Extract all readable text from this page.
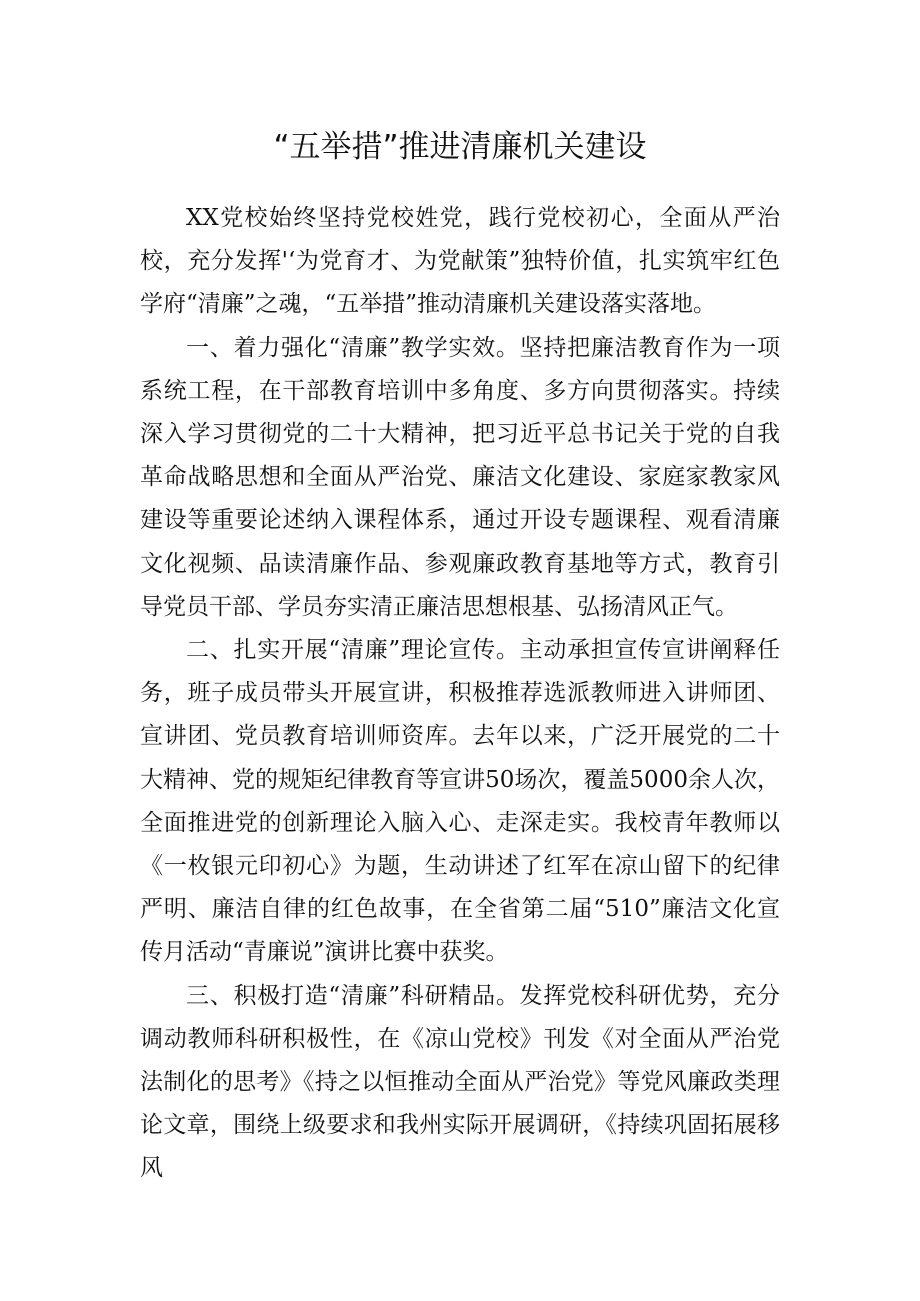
“五举措”推进清廉机关建设

XX党校始终坚持党校姓党，践行党校初心，全面从严治校，充分发挥'‘为党育才、为党献策”独特价值，扎实筑牢红色学府“清廉”之魂，“五举措”推动清廉机关建设落实落地。

一、着力强化“清廉”教学实效。坚持把廉洁教育作为一项系统工程，在干部教育培训中多角度、多方向贯彻落实。持续深入学习贯彻党的二十大精神，把习近平总书记关于党的自我革命战略思想和全面从严治党、廉洁文化建设、家庭家教家风建设等重要论述纳入课程体系，通过开设专题课程、观看清廉文化视频、品读清廉作品、参观廉政教育基地等方式，教育引导党员干部、学员夯实清正廉洁思想根基、弘扬清风正气。

二、扎实开展“清廉”理论宣传。主动承担宣传宣讲阐释任务，班子成员带头开展宣讲，积极推荐选派教师进入讲师团、宣讲团、党员教育培训师资库。去年以来，广泛开展党的二十大精神、党的规矩纪律教育等宣讲50场次，覆盖5000余人次，全面推进党的创新理论入脑入心、走深走实。我校青年教师以《一枚银元印初心》为题，生动讲述了红军在凉山留下的纪律严明、廉洁自律的红色故事，在全省第二届“510”廉洁文化宣传月活动“青廉说”演讲比赛中获奖。

三、积极打造“清廉”科研精品。发挥党校科研优势，充分调动教师科研积极性，在《凉山党校》刊发《对全面从严治党法制化的思考》《持之以恒推动全面从严治党》等党风廉政类理论文章，围绕上级要求和我州实际开展调研，《持续巩固拓展移风
